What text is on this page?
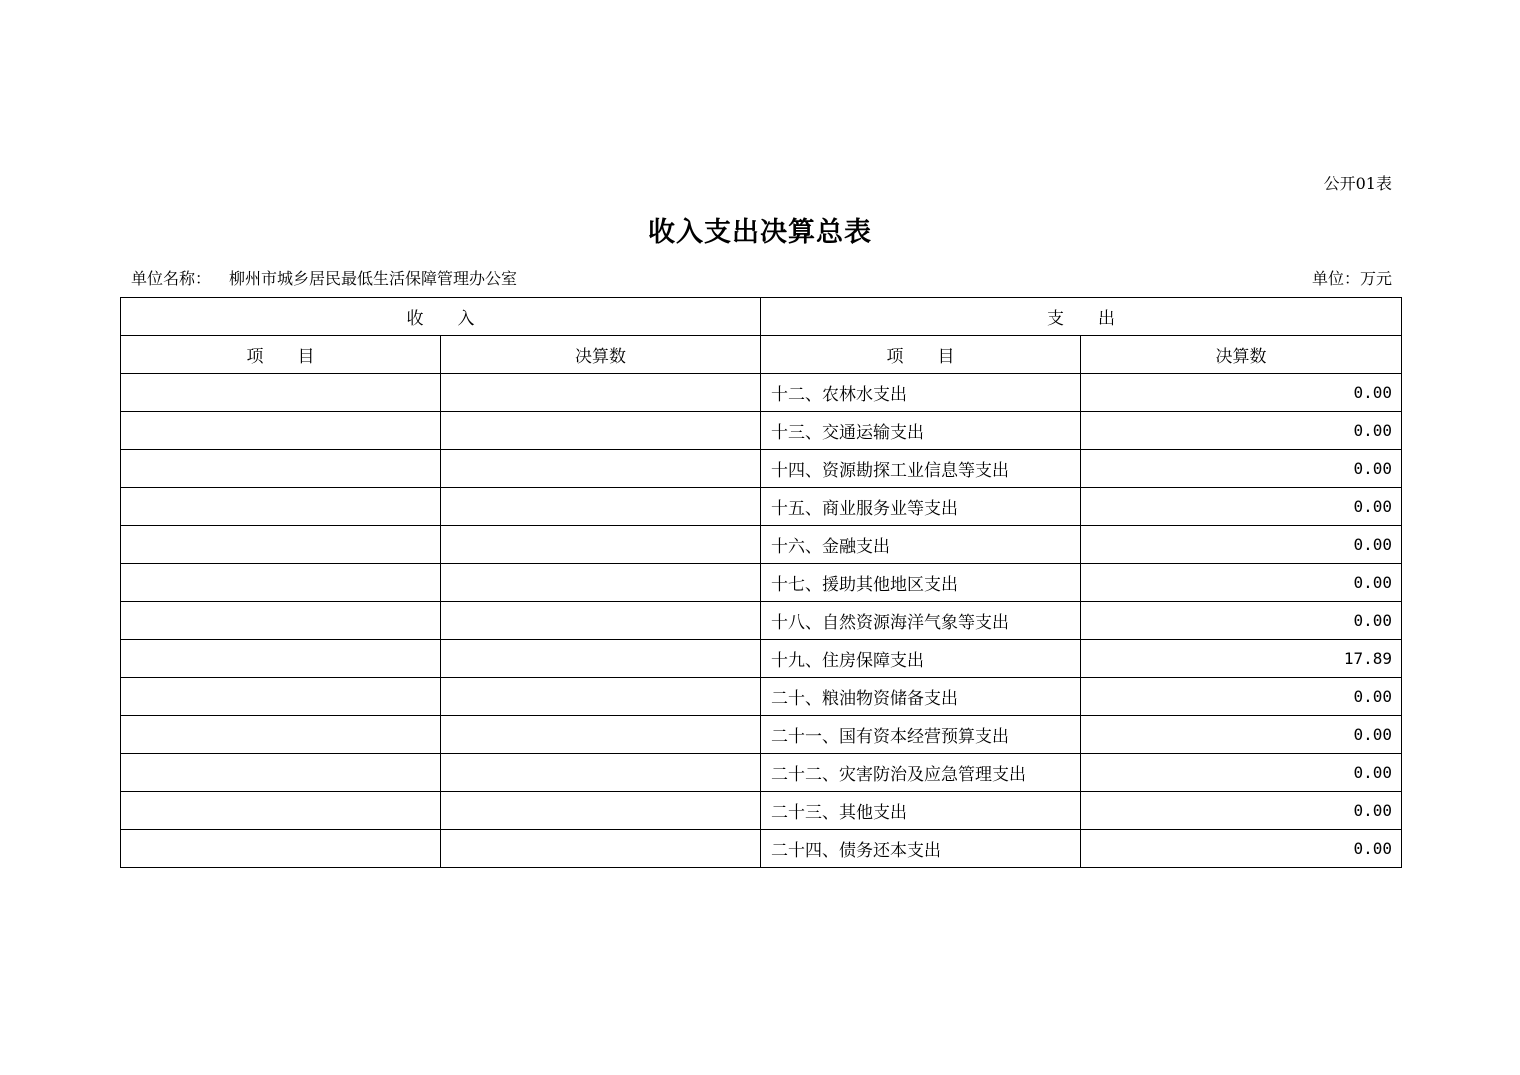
公开01表
收入支出决算总表
单位名称： 柳州市城乡居民最低生活保障管理办公室	单位：万元
收　　入		支　　出	
项　　目	决算数	项　　目	决算数
		十二、农林水支出	0.00
		十三、交通运输支出	0.00
		十四、资源勘探工业信息等支出	0.00
		十五、商业服务业等支出	0.00
		十六、金融支出	0.00
		十七、援助其他地区支出	0.00
		十八、自然资源海洋气象等支出	0.00
		十九、住房保障支出	17.89
		二十、粮油物资储备支出	0.00
		二十一、国有资本经营预算支出	0.00
		二十二、灾害防治及应急管理支出	0.00
		二十三、其他支出	0.00
		二十四、债务还本支出	0.00
